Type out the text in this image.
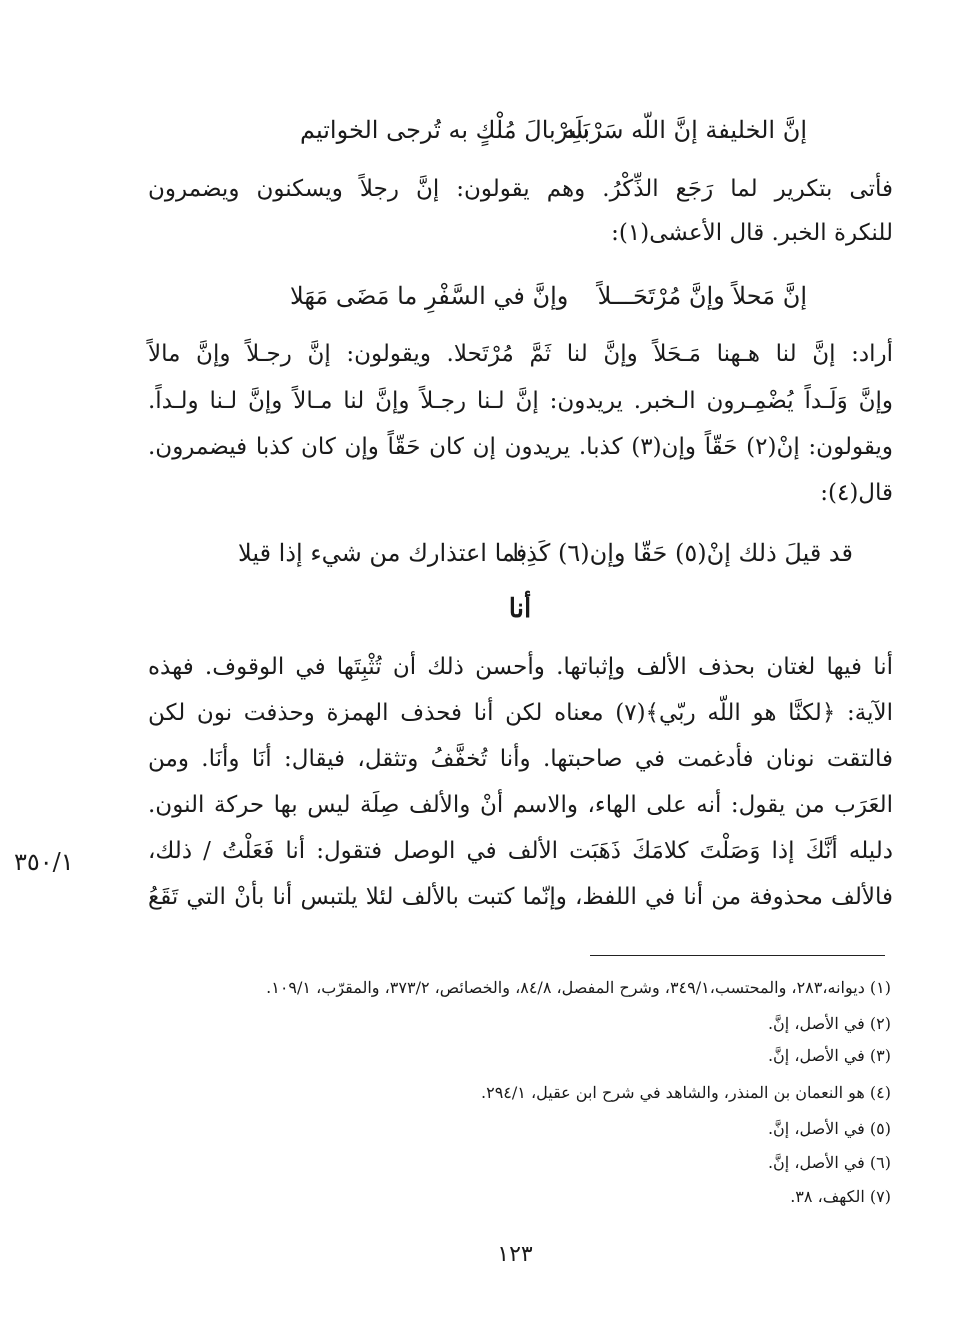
إنَّ الخليفة إنَّ اللّه سَرْبَلَه
سِرْبالَ مُلْكٍ به تُرجى الخواتيم
فأتى بتكرير لما رَجَع الذِّكْرُ. وهم يقولون: إنَّ رجلاً ويسكنون ويضمرون
للنكرة الخبر. قال الأعشى(١):
إنَّ مَحلاً وإنَّ مُرْتَحَـــلاً
وإنَّ في السَّفْرِ ما مَضَى مَهَلا
أراد: إنَّ لنا هـهنا مَـحَلاً وإنَّ لنا ثَمَّ مُرْتَحلا. ويقولون: إنَّ رجـلاً وإنَّ مالاً
وإنَّ وَلَـداً يُضْمِـرون الـخبر. يريدون: إنَّ لـنا رجـلاً وإنَّ لنا مـالاً وإنَّ لـنا ولـداً.
ويقولون: إنْ(٢) حَقّاً وإن(٣) كذبا. يريدون إن كان حَقّاً وإن كان كذبا فيضمرون.
قال(٤):
قد قيلَ ذلك إنْ(٥) حَقّا وإن(٦) كَذِبا
فما اعتذارك من شيء إذا قيلا
أنا
أنا فيها لغتان بحذف الألف وإثباتها. وأحسن ذلك أن تُثْبِتَها في الوقوف. فهذه
الآية: ﴿لكنَّا هو اللّه ربّي﴾(٧) معناه لكن أنا فحذف الهمزة وحذفت نون لكن
فالتقت نونان فأدغمت في صاحبتها. وأنا تُخفَّفُ وتثقل، فيقال: أنَا وأنَا. ومن
العَرَب من يقول: أنه على الهاء، والاسم أنْ والألف صِلَة ليس بها حركة النون.
دليله أنَّكَ إذا وَصَلْتَ كلامَكَ ذَهَبَت الألف في الوصل فتقول: أنا فَعَلْتُ / ذلك،
فالألف محذوفة من أنا في اللفظ، وإنّما كتبت بالألف لئلا يلتبس أنا بأنْ التي تَقَعُ
٣٥٠/١
(١) ديوانه،٢٨٣، والمحتسب،٣٤٩/١، وشرح المفصل، ٨٤/٨، والخصائص، ٣٧٣/٢، والمقرّب، ١٠٩/١.
(٢) في الأصل، إنَّ.
(٣) في الأصل، إنَّ.
(٤) هو النعمان بن المنذر، والشاهد في شرح ابن عقيل، ٢٩٤/١.
(٥) في الأصل، إنَّ.
(٦) في الأصل، إنَّ.
(٧) الكهف، ٣٨.
١٢٣
